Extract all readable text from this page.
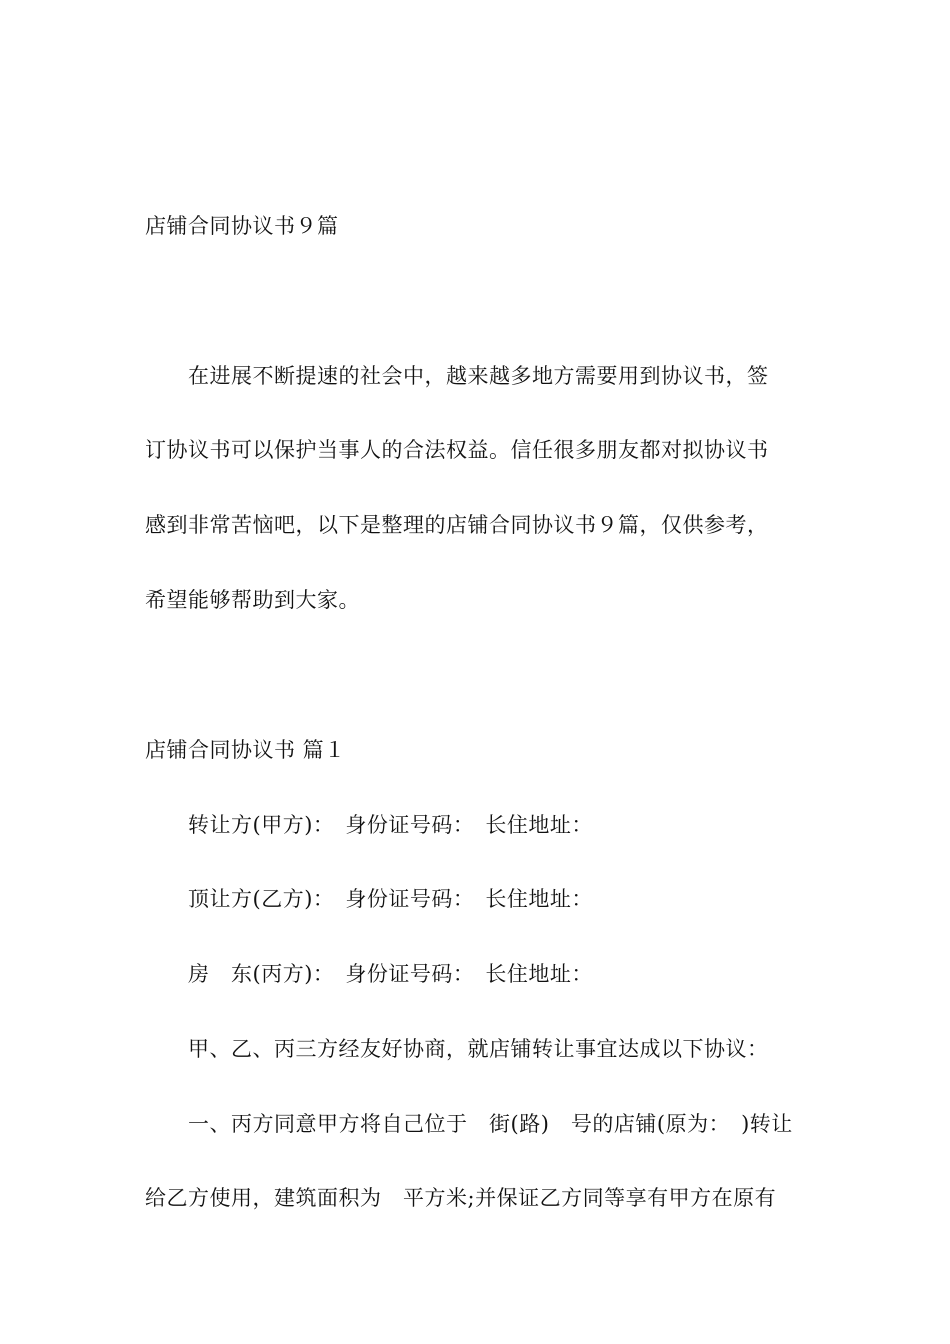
店铺合同协议书９篇
在进展不断提速的社会中，越来越多地方需要用到协议书，签
订协议书可以保护当事人的合法权益。信任很多朋友都对拟协议书
感到非常苦恼吧，以下是整理的店铺合同协议书９篇，仅供参考，
希望能够帮助到大家。
店铺合同协议书 篇１
转让方(甲方)：　身份证号码：　长住地址：
顶让方(乙方)：　身份证号码：　长住地址：
房　东(丙方)：　身份证号码：　长住地址：
甲、乙、丙三方经友好协商，就店铺转让事宜达成以下协议：
一、丙方同意甲方将自己位于　街(路)　号的店铺(原为：　)转让
给乙方使用，建筑面积为　平方米;并保证乙方同等享有甲方在原有
